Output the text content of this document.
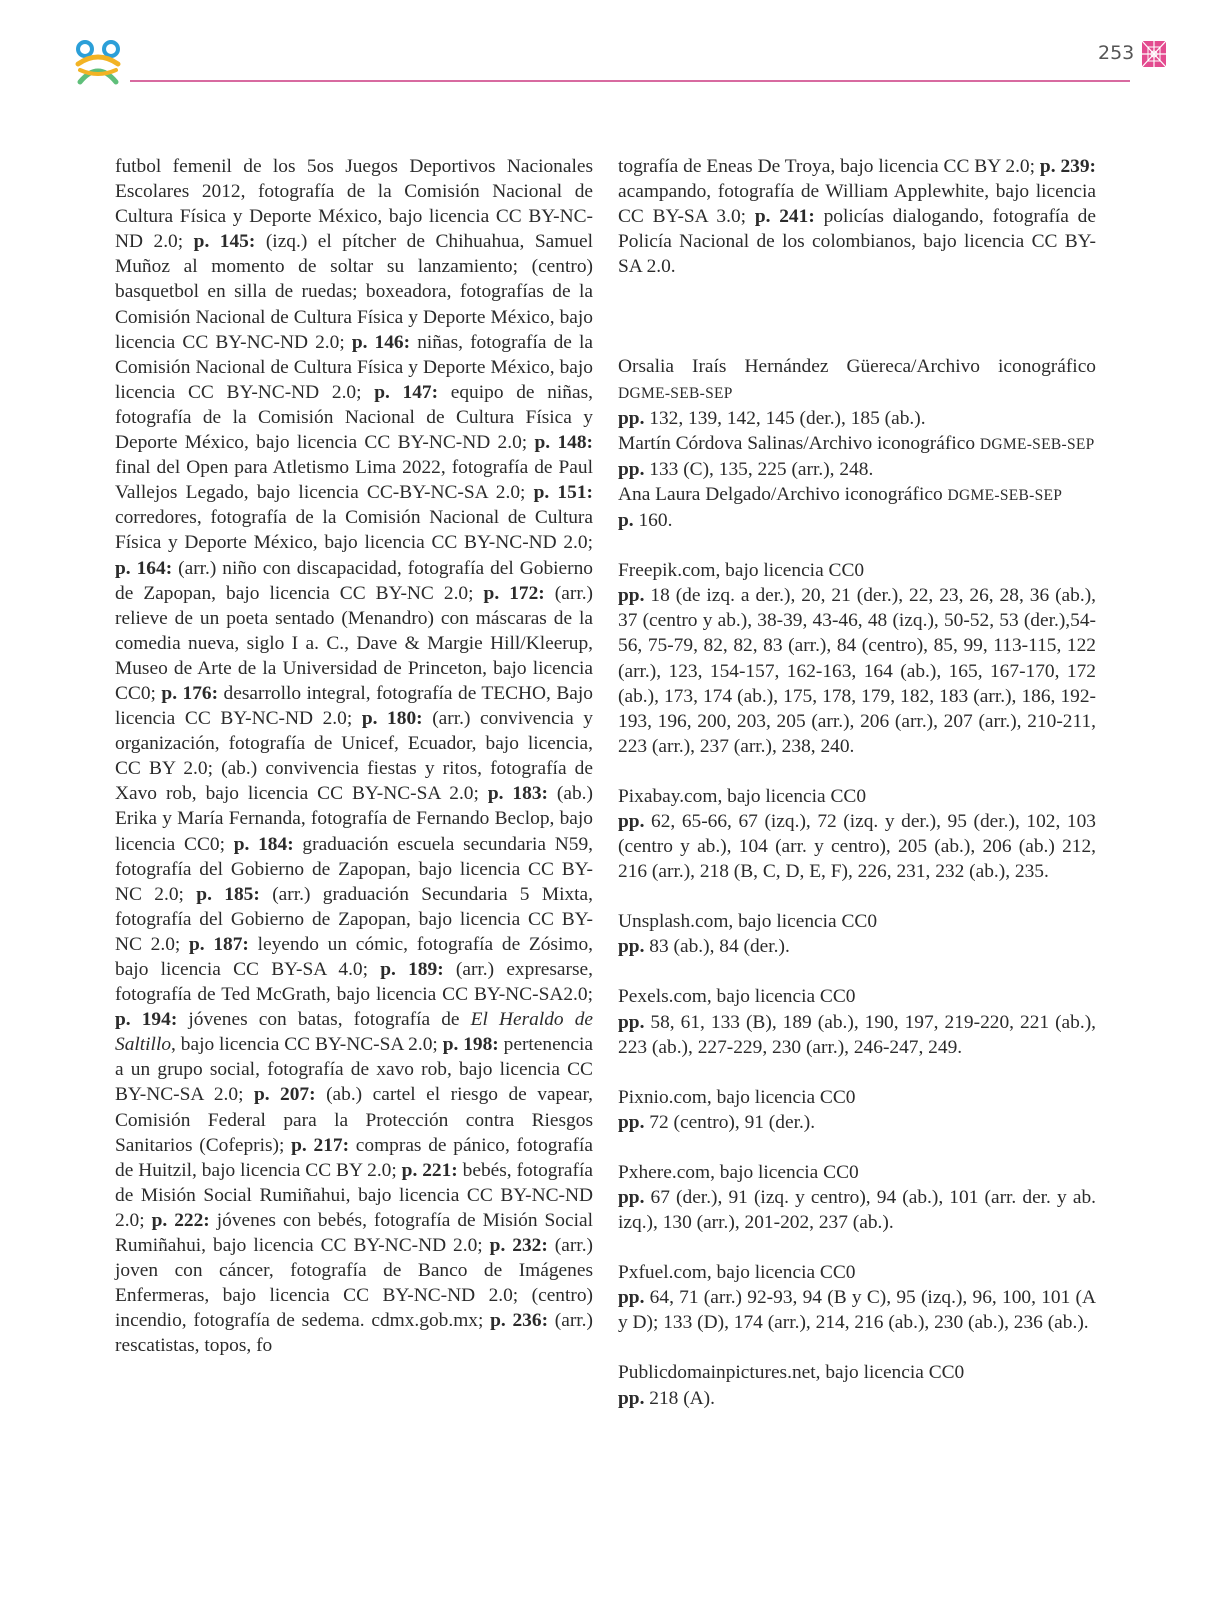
253

futbol femenil de los 5os Juegos Deportivos Nacionales Escolares 2012, fotografía de la Comisión Nacional de Cultura Física y Deporte México, bajo licencia CC BY-NC-ND 2.0; p. 145: (izq.) el pítcher de Chihuahua, Samuel Muñoz al momento de soltar su lanzamiento; (centro) basquetbol en silla de ruedas; boxeadora, fotografías de la Comisión Nacional de Cultura Física y Deporte México, bajo licencia CC BY-NC-ND 2.0; p. 146: niñas, fotografía de la Comisión Nacional de Cultura Física y Deporte México, bajo licencia CC BY-NC-ND 2.0; p. 147: equipo de niñas, fotografía de la Comisión Nacional de Cultura Física y Deporte México, bajo licencia CC BY-NC-ND 2.0; p. 148: final del Open para Atletismo Lima 2022, fotografía de Paul Vallejos Legado, bajo licencia CC-BY-NC-SA 2.0; p. 151: corredores, fotografía de la Comisión Nacional de Cultura Física y Deporte México, bajo licencia CC BY-NC-ND 2.0; p. 164: (arr.) niño con discapacidad, fotografía del Gobierno de Zapopan, bajo licencia CC BY-NC 2.0; p. 172: (arr.) relieve de un poeta sentado (Menandro) con máscaras de la comedia nueva, siglo I a. C., Dave & Margie Hill/Kleerup, Museo de Arte de la Universidad de Princeton, bajo licencia CC0; p. 176: desarrollo integral, fotografía de TECHO, Bajo licencia CC BY-NC-ND 2.0; p. 180: (arr.) convivencia y organización, fotografía de Unicef, Ecuador, bajo licencia, CC BY 2.0; (ab.) convivencia fiestas y ritos, fotografía de Xavo rob, bajo licencia CC BY-NC-SA 2.0; p. 183: (ab.) Erika y María Fernanda, fotografía de Fernando Beclop, bajo licencia CC0; p. 184: graduación escuela secundaria N59, fotografía del Gobierno de Zapopan, bajo licencia CC BY-NC 2.0; p. 185: (arr.) graduación Secundaria 5 Mixta, fotografía del Gobierno de Zapopan, bajo licencia CC BY-NC 2.0; p. 187: leyendo un cómic, fotografía de Zósimo, bajo licencia CC BY-SA 4.0; p. 189: (arr.) expresarse, fotografía de Ted McGrath, bajo licencia CC BY-NC-SA2.0; p. 194: jóvenes con batas, fotografía de El Heraldo de Saltillo, bajo licencia CC BY-NC-SA 2.0; p. 198: pertenencia a un grupo social, fotografía de xavo rob, bajo licencia CC BY-NC-SA 2.0; p. 207: (ab.) cartel el riesgo de vapear, Comisión Federal para la Protección contra Riesgos Sanitarios (Cofepris); p. 217: compras de pánico, fotografía de Huitzil, bajo licencia CC BY 2.0; p. 221: bebés, fotografía de Misión Social Rumiñahui, bajo licencia CC BY-NC-ND 2.0; p. 222: jóvenes con bebés, fotografía de Misión Social Rumiñahui, bajo licencia CC BY-NC-ND 2.0; p. 232: (arr.) joven con cáncer, fotografía de Banco de Imágenes Enfermeras, bajo licencia CC BY-NC-ND 2.0; (centro) incendio, fotografía de sedema. cdmx.gob.mx; p. 236: (arr.) rescatistas, topos, fo

tografía de Eneas De Troya, bajo licencia CC BY 2.0; p. 239: acampando, fotografía de William Applewhite, bajo licencia CC BY-SA 3.0; p. 241: policías dialogando, fotografía de Policía Nacional de los colombianos, bajo licencia CC BY-SA 2.0.

Orsalia Iraís Hernández Güereca/Archivo iconográfico DGME-SEB-SEP
pp. 132, 139, 142, 145 (der.), 185 (ab.).
Martín Córdova Salinas/Archivo iconográfico DGME-SEB-SEP
pp. 133 (C), 135, 225 (arr.), 248.
Ana Laura Delgado/Archivo iconográfico DGME-SEB-SEP
p. 160.
Freepik.com, bajo licencia CC0
pp. 18 (de izq. a der.), 20, 21 (der.), 22, 23, 26, 28, 36 (ab.), 37 (centro y ab.), 38-39, 43-46, 48 (izq.), 50-52, 53 (der.),54-56, 75-79, 82, 82, 83 (arr.), 84 (centro), 85, 99, 113-115, 122 (arr.), 123, 154-157, 162-163, 164 (ab.), 165, 167-170, 172 (ab.), 173, 174 (ab.), 175, 178, 179, 182, 183 (arr.), 186, 192-193, 196, 200, 203, 205 (arr.), 206 (arr.), 207 (arr.), 210-211, 223 (arr.), 237 (arr.), 238, 240.
Pixabay.com, bajo licencia CC0
pp. 62, 65-66, 67 (izq.), 72 (izq. y der.), 95 (der.), 102, 103 (centro y ab.), 104 (arr. y centro), 205 (ab.), 206 (ab.) 212, 216 (arr.), 218 (B, C, D, E, F), 226, 231, 232 (ab.), 235.
Unsplash.com, bajo licencia CC0
pp. 83 (ab.), 84 (der.).
Pexels.com, bajo licencia CC0
pp. 58, 61, 133 (B), 189 (ab.), 190, 197, 219-220, 221 (ab.), 223 (ab.), 227-229, 230 (arr.), 246-247, 249.
Pixnio.com, bajo licencia CC0
pp. 72 (centro), 91 (der.).
Pxhere.com, bajo licencia CC0
pp. 67 (der.), 91 (izq. y centro), 94 (ab.), 101 (arr. der. y ab. izq.), 130 (arr.), 201-202, 237 (ab.).
Pxfuel.com, bajo licencia CC0
pp. 64, 71 (arr.) 92-93, 94 (B y C), 95 (izq.), 96, 100, 101 (A y D); 133 (D), 174 (arr.), 214, 216 (ab.), 230 (ab.), 236 (ab.).
Publicdomainpictures.net, bajo licencia CC0
pp. 218 (A).
